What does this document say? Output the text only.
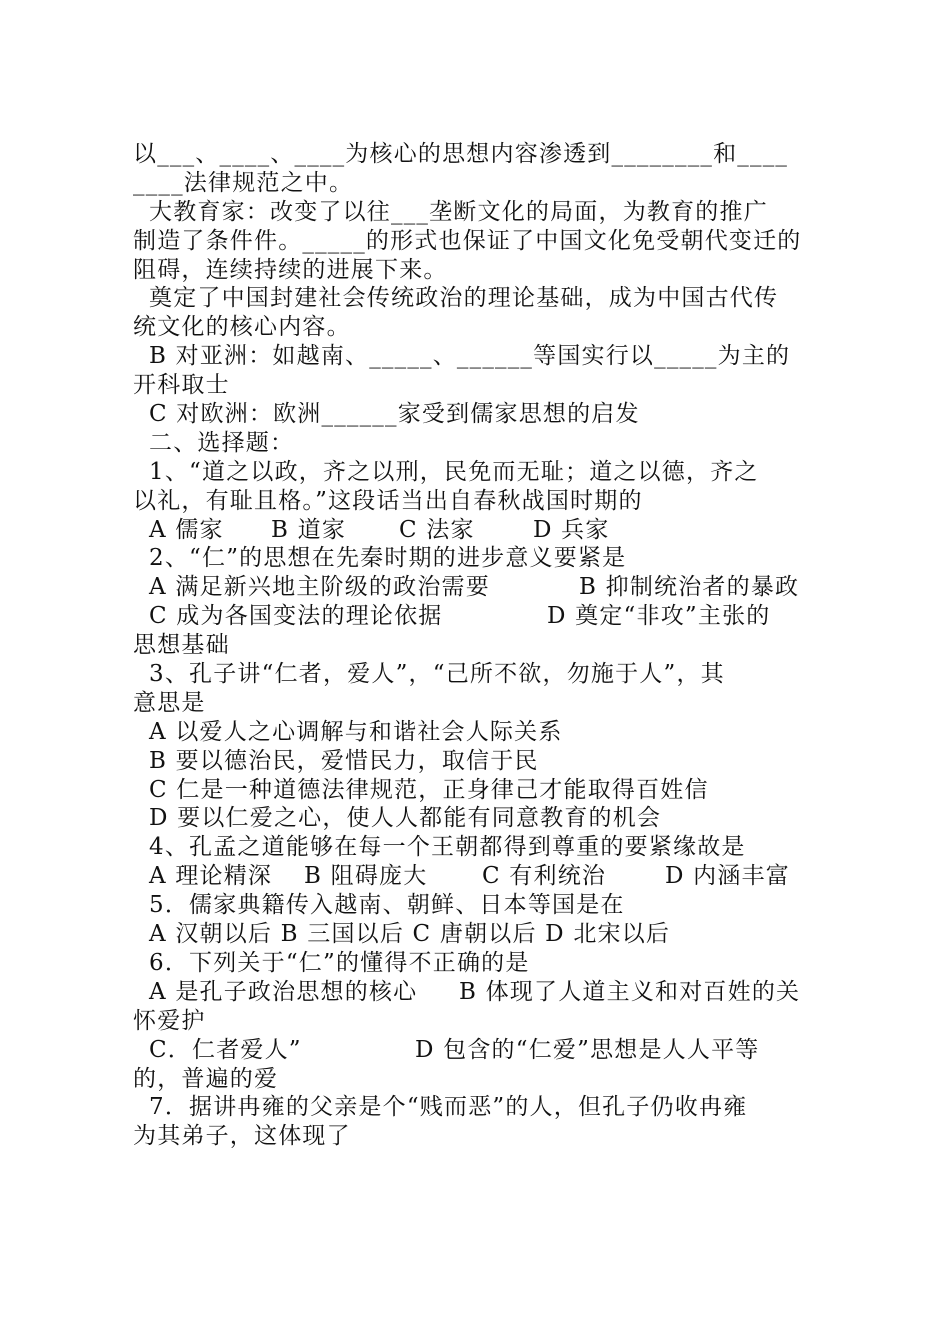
以___、____、____为核心的思想内容渗透到________和____
____法律规范之中。
大教育家：改变了以往___垄断文化的局面，为教育的推广
制造了条件件。_____的形式也保证了中国文化免受朝代变迁的
阻碍，连续持续的进展下来。
奠定了中国封建社会传统政治的理论基础，成为中国古代传
统文化的核心内容。
B 对亚洲：如越南、_____、______等国实行以_____为主的
开科取士
C 对欧洲：欧洲______家受到儒家思想的启发
二、选择题：
1、“道之以政，齐之以刑，民免而无耻；道之以德，齐之
以礼，有耻且格。”这段话当出自春秋战国时期的
A 儒家	B 道家	C 法家	D 兵家
2、“仁”的思想在先秦时期的进步意义要紧是
A 满足新兴地主阶级的政治需要	B 抑制统治者的暴政
C 成为各国变法的理论依据	D 奠定“非攻”主张的
思想基础
3、孔子讲“仁者，爱人”，“己所不欲，勿施于人”，其
意思是
A 以爱人之心调解与和谐社会人际关系
B 要以德治民，爱惜民力，取信于民
C 仁是一种道德法律规范，正身律己才能取得百姓信
D 要以仁爱之心，使人人都能有同意教育的机会
4、孔孟之道能够在每一个王朝都得到尊重的要紧缘故是
A 理论精深	B 阻碍庞大	C 有利统治	D 内涵丰富
5．儒家典籍传入越南、朝鲜、日本等国是在
A 汉朝以后 B 三国以后 C 唐朝以后 D 北宋以后
6．下列关于“仁”的懂得不正确的是
A 是孔子政治思想的核心	B 体现了人道主义和对百姓的关
怀爱护
C．仁者爱人”	D 包含的“仁爱”思想是人人平等
的，普遍的爱
7．据讲冉雍的父亲是个“贱而恶”的人，但孔子仍收冉雍
为其弟子，这体现了
